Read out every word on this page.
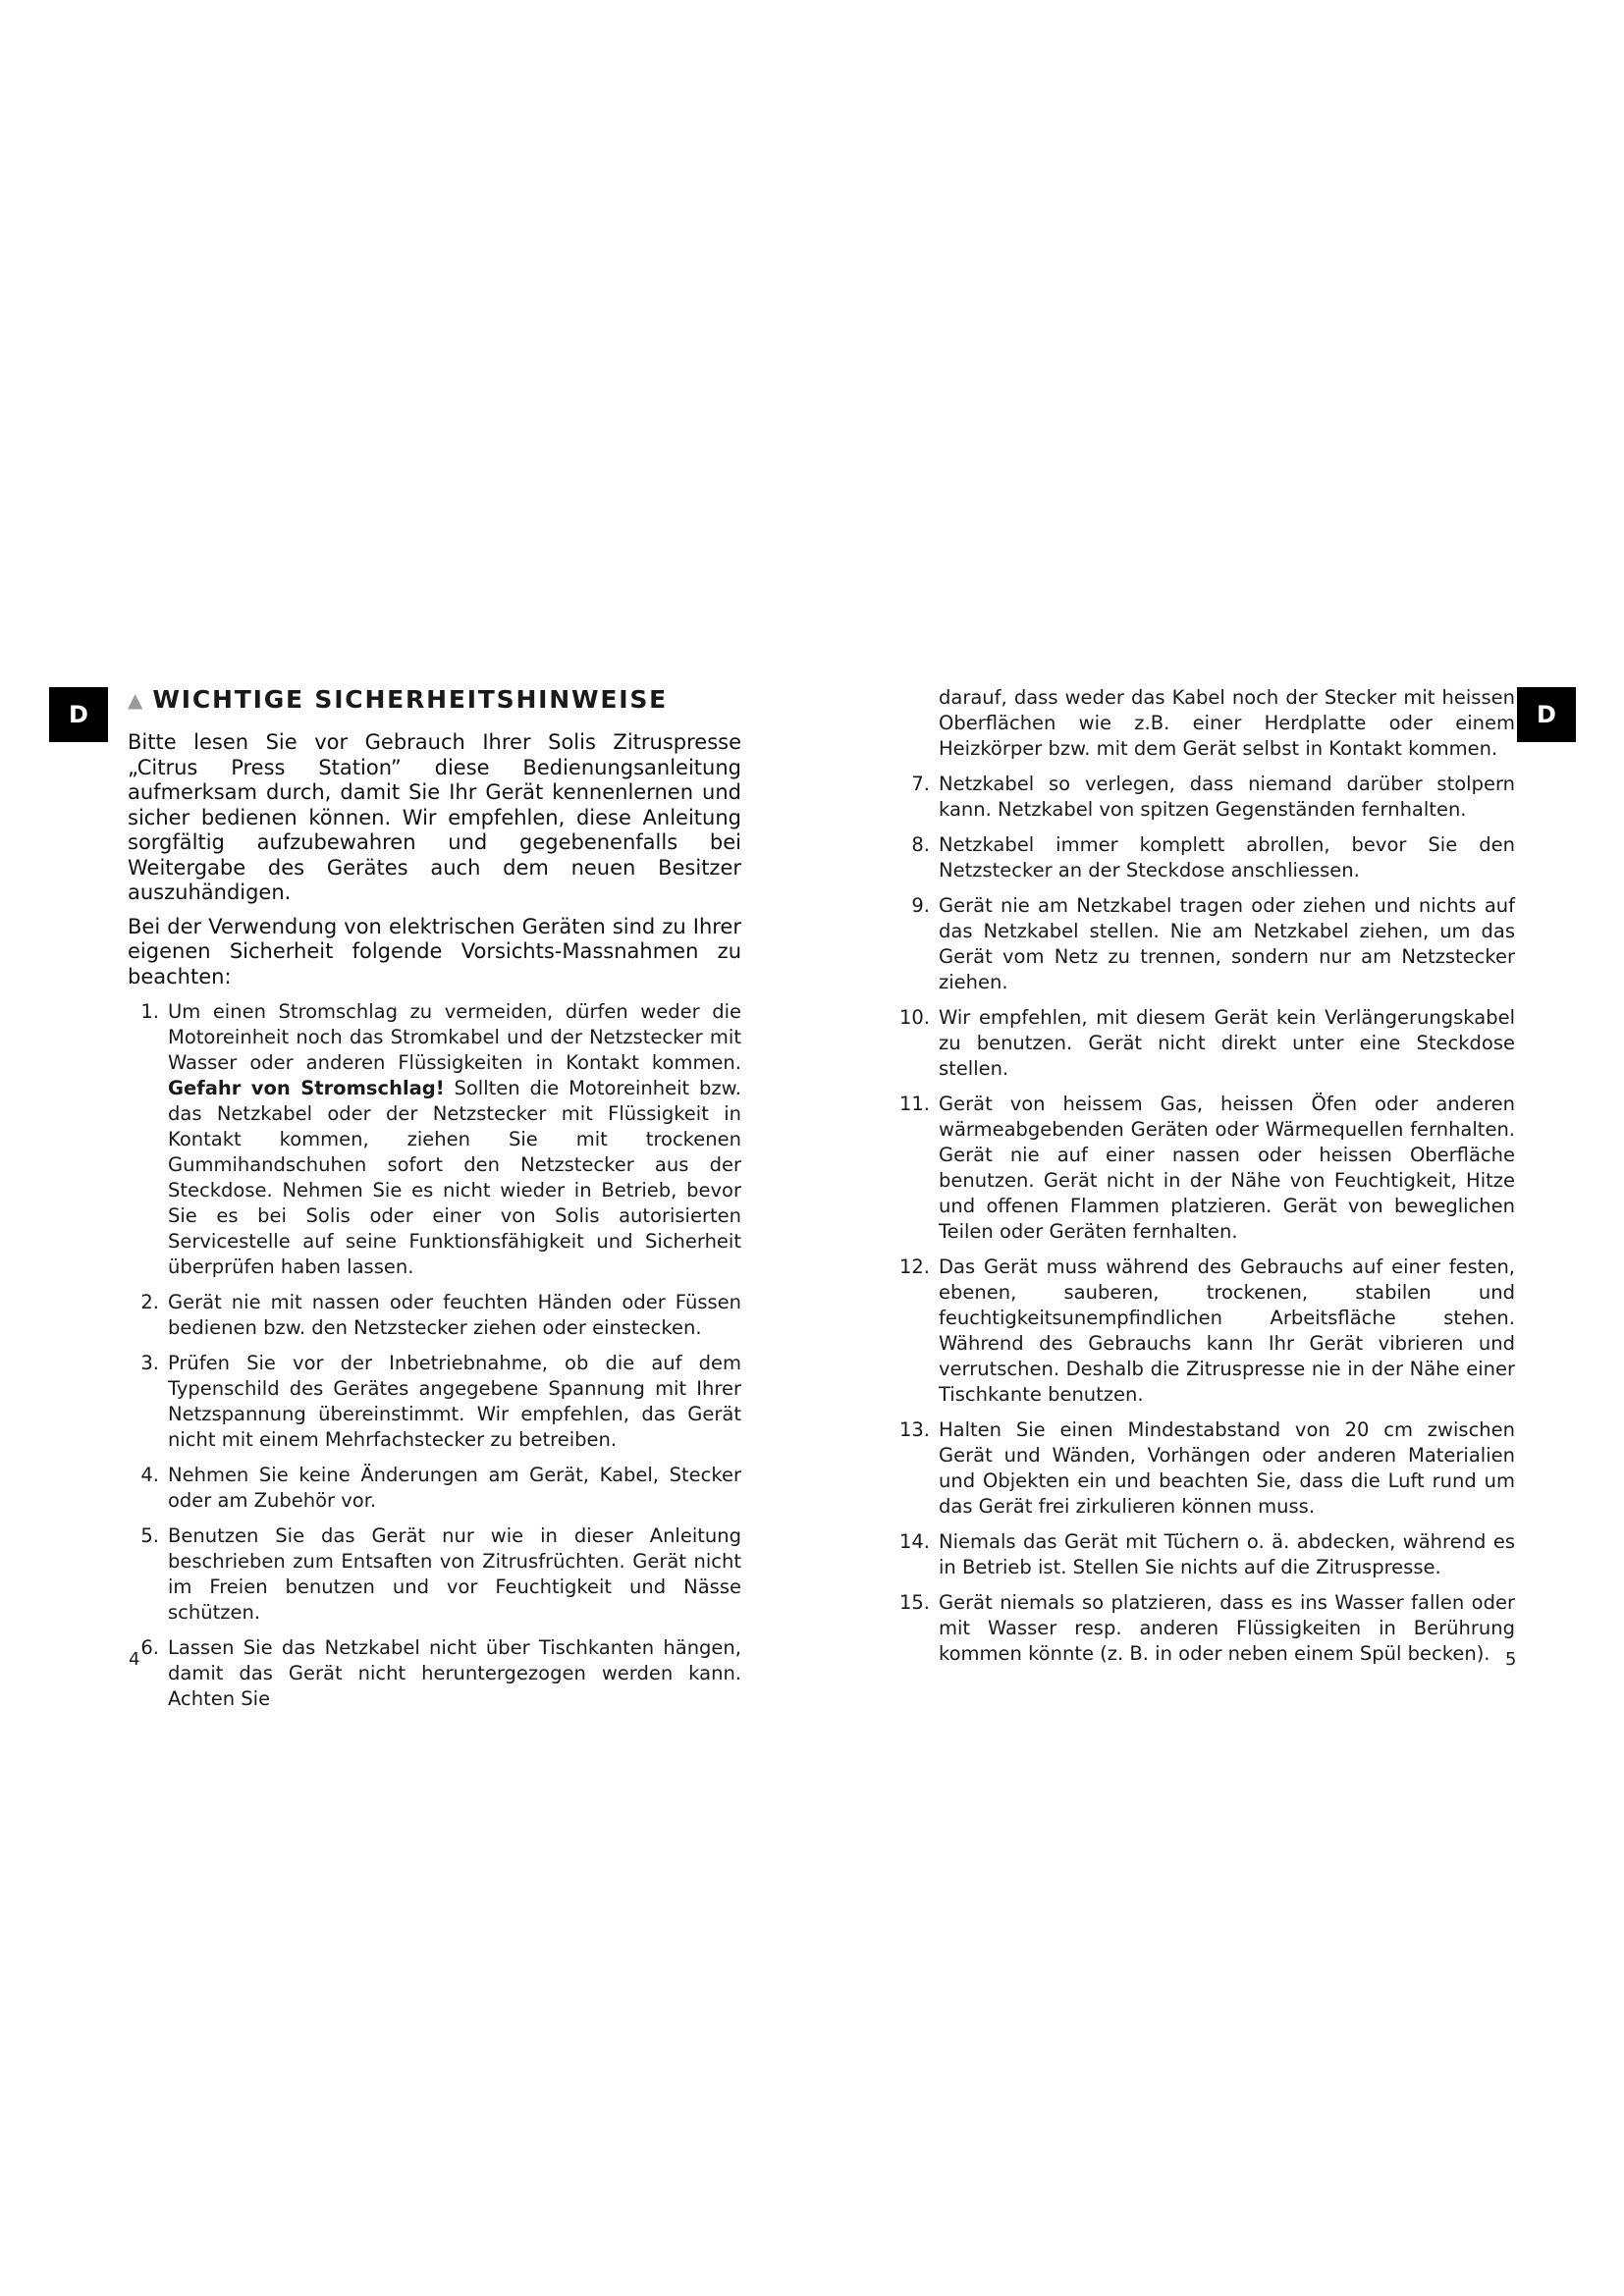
D	D
▲ WICHTIGE SICHERHEITSHINWEISE

Bitte lesen Sie vor Gebrauch Ihrer Solis Zitruspresse „Citrus Press Station” diese Bedienungsanleitung aufmerksam durch, damit Sie Ihr Gerät kennenlernen und sicher bedienen können. Wir empfehlen, diese Anleitung sorgfältig aufzubewahren und gegebenenfalls bei Weitergabe des Gerätes auch dem neuen Besitzer auszuhändigen.

Bei der Verwendung von elektrischen Geräten sind zu Ihrer eigenen Sicherheit folgende Vorsichts-Massnahmen zu beachten:

1. Um einen Stromschlag zu vermeiden, dürfen weder die Motoreinheit noch das Stromkabel und der Netzstecker mit Wasser oder anderen Flüssigkeiten in Kontakt kommen. Gefahr von Stromschlag! Sollten die Motoreinheit bzw. das Netzkabel oder der Netzstecker mit Flüssigkeit in Kontakt kommen, ziehen Sie mit trockenen Gummihandschuhen sofort den Netzstecker aus der Steckdose. Nehmen Sie es nicht wieder in Betrieb, bevor Sie es bei Solis oder einer von Solis autorisierten Servicestelle auf seine Funktionsfähigkeit und Sicherheit überprüfen haben lassen.
2. Gerät nie mit nassen oder feuchten Händen oder Füssen bedienen bzw. den Netzstecker ziehen oder einstecken.
3. Prüfen Sie vor der Inbetriebnahme, ob die auf dem Typenschild des Gerätes angegebene Spannung mit Ihrer Netzspannung übereinstimmt. Wir empfehlen, das Gerät nicht mit einem Mehrfachstecker zu betreiben.
4. Nehmen Sie keine Änderungen am Gerät, Kabel, Stecker oder am Zubehör vor.
5. Benutzen Sie das Gerät nur wie in dieser Anleitung beschrieben zum Entsaften von Zitrusfrüchten. Gerät nicht im Freien benutzen und vor Feuchtigkeit und Nässe schützen.
6. Lassen Sie das Netzkabel nicht über Tischkanten hängen, damit das Gerät nicht heruntergezogen werden kann. Achten Sie
darauf, dass weder das Kabel noch der Stecker mit heissen Oberflächen wie z.B. einer Herdplatte oder einem Heizkörper bzw. mit dem Gerät selbst in Kontakt kommen.
7. Netzkabel so verlegen, dass niemand darüber stolpern kann. Netzkabel von spitzen Gegenständen fernhalten.
8. Netzkabel immer komplett abrollen, bevor Sie den Netzstecker an der Steckdose anschliessen.
9. Gerät nie am Netzkabel tragen oder ziehen und nichts auf das Netzkabel stellen. Nie am Netzkabel ziehen, um das Gerät vom Netz zu trennen, sondern nur am Netzstecker ziehen.
10. Wir empfehlen, mit diesem Gerät kein Verlängerungskabel zu benutzen. Gerät nicht direkt unter eine Steckdose stellen.
11. Gerät von heissem Gas, heissen Öfen oder anderen wärmeabgebenden Geräten oder Wärmequellen fernhalten. Gerät nie auf einer nassen oder heissen Oberfläche benutzen. Gerät nicht in der Nähe von Feuchtigkeit, Hitze und offenen Flammen platzieren. Gerät von beweglichen Teilen oder Geräten fernhalten.
12. Das Gerät muss während des Gebrauchs auf einer festen, ebenen, sauberen, trockenen, stabilen und feuchtigkeitsunempfindlichen Arbeitsfläche stehen. Während des Gebrauchs kann Ihr Gerät vibrieren und verrutschen. Deshalb die Zitruspresse nie in der Nähe einer Tischkante benutzen.
13. Halten Sie einen Mindestabstand von 20 cm zwischen Gerät und Wänden, Vorhängen oder anderen Materialien und Objekten ein und beachten Sie, dass die Luft rund um das Gerät frei zirkulieren können muss.
14. Niemals das Gerät mit Tüchern o. ä. abdecken, während es in Betrieb ist. Stellen Sie nichts auf die Zitruspresse.
15. Gerät niemals so platzieren, dass es ins Wasser fallen oder mit Wasser resp. anderen Flüssigkeiten in Berührung kommen könnte (z. B. in oder neben einem Spül becken).
4	5
